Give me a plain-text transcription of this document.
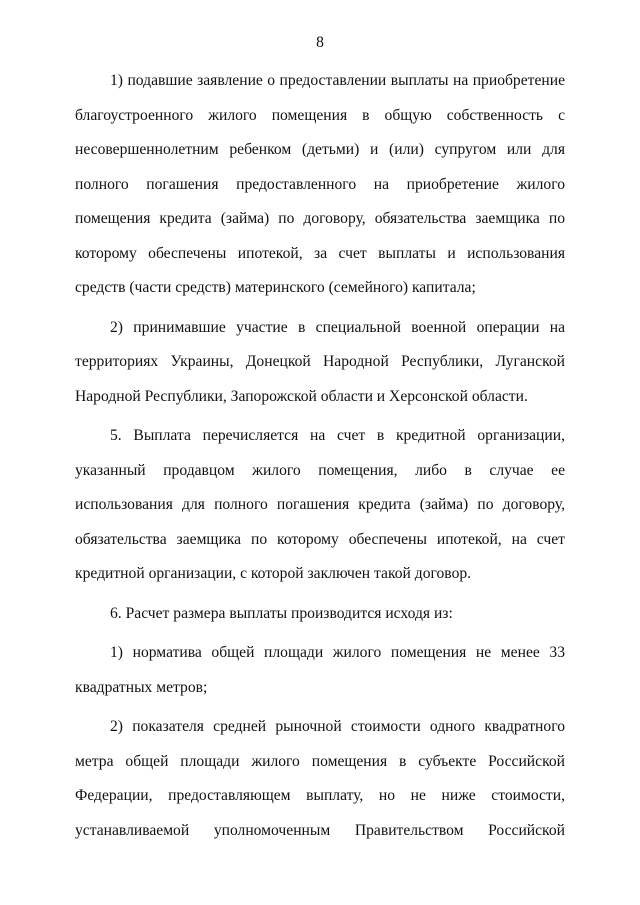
8

1) подавшие заявление о предоставлении выплаты на приобретение благоустроенного жилого помещения в общую собственность с несовершеннолетним ребенком (детьми) и (или) супругом или для полного погашения предоставленного на приобретение жилого помещения кредита (займа) по договору, обязательства заемщика по которому обеспечены ипотекой, за счет выплаты и использования средств (части средств) материнского (семейного) капитала;

2) принимавшие участие в специальной военной операции на территориях Украины, Донецкой Народной Республики, Луганской Народной Республики, Запорожской области и Херсонской области.

5. Выплата перечисляется на счет в кредитной организации, указанный продавцом жилого помещения, либо в случае ее использования для полного погашения кредита (займа) по договору, обязательства заемщика по которому обеспечены ипотекой, на счет кредитной организации, с которой заключен такой договор.

6. Расчет размера выплаты производится исходя из:

1) норматива общей площади жилого помещения не менее 33 квадратных метров;

2) показателя средней рыночной стоимости одного квадратного метра общей площади жилого помещения в субъекте Российской Федерации, предоставляющем выплату, но не ниже стоимости, устанавливаемой уполномоченным Правительством Российской
